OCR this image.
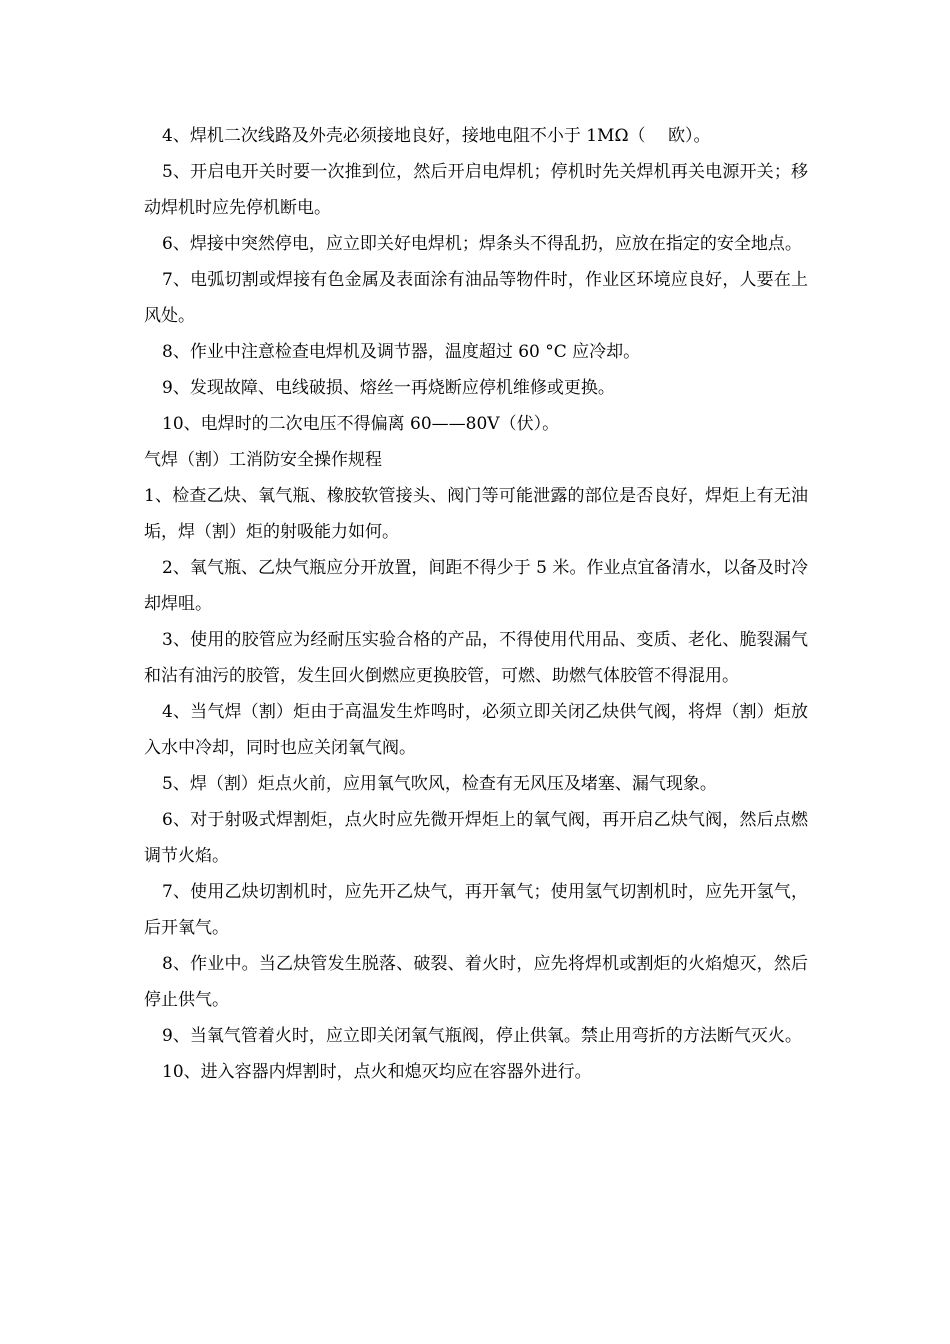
4、焊机二次线路及外壳必须接地良好，接地电阻不小于 1MΩ（　 欧）。

5、开启电开关时要一次推到位，然后开启电焊机；停机时先关焊机再关电源开关；移动焊机时应先停机断电。

6、焊接中突然停电，应立即关好电焊机；焊条头不得乱扔，应放在指定的安全地点。

7、电弧切割或焊接有色金属及表面涂有油品等物件时，作业区环境应良好，人要在上风处。

8、作业中注意检查电焊机及调节器，温度超过 60 °C 应冷却。

9、发现故障、电线破损、熔丝一再烧断应停机维修或更换。

10、电焊时的二次电压不得偏离 60——80V（伏）。

气焊（割）工消防安全操作规程

1、检查乙炔、氧气瓶、橡胶软管接头、阀门等可能泄露的部位是否良好，焊炬上有无油垢，焊（割）炬的射吸能力如何。

2、氧气瓶、乙炔气瓶应分开放置，间距不得少于 5 米。作业点宜备清水，以备及时冷却焊咀。

3、使用的胶管应为经耐压实验合格的产品，不得使用代用品、变质、老化、脆裂漏气和沾有油污的胶管，发生回火倒燃应更换胶管，可燃、助燃气体胶管不得混用。

4、当气焊（割）炬由于高温发生炸鸣时，必须立即关闭乙炔供气阀，将焊（割）炬放入水中冷却，同时也应关闭氧气阀。

5、焊（割）炬点火前，应用氧气吹风，检查有无风压及堵塞、漏气现象。

6、对于射吸式焊割炬，点火时应先微开焊炬上的氧气阀，再开启乙炔气阀，然后点燃调节火焰。

7、使用乙炔切割机时，应先开乙炔气，再开氧气；使用氢气切割机时，应先开氢气，后开氧气。

8、作业中。当乙炔管发生脱落、破裂、着火时，应先将焊机或割炬的火焰熄灭，然后停止供气。

9、当氧气管着火时，应立即关闭氧气瓶阀，停止供氧。禁止用弯折的方法断气灭火。

10、进入容器内焊割时，点火和熄灭均应在容器外进行。
